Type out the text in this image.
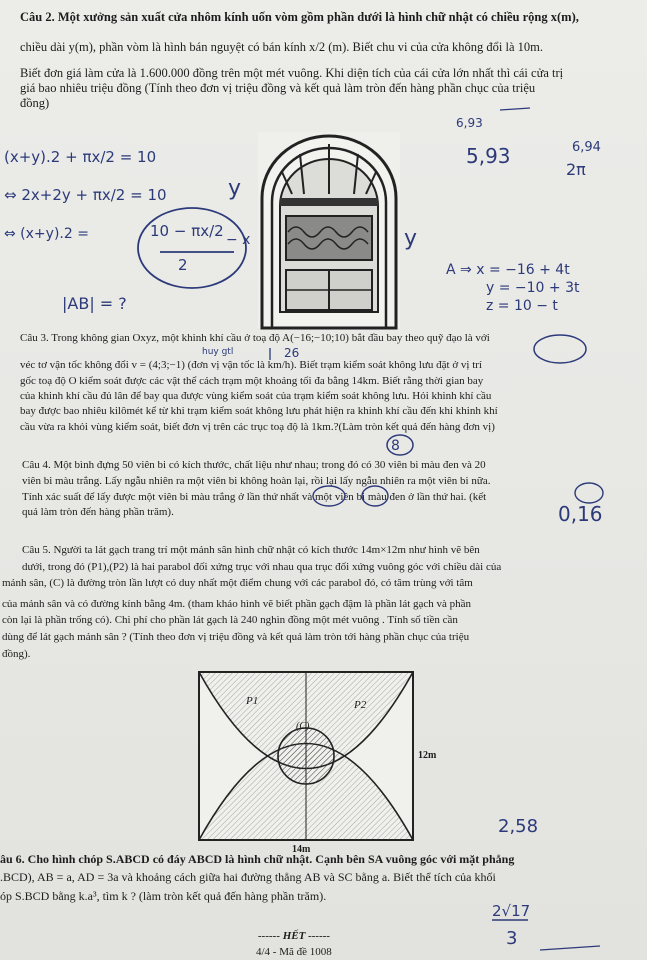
Câu 2. Một xưởng sản xuất cửa nhôm kính uốn vòm gồm phần dưới là hình chữ nhật có chiều rộng x(m),
chiều dài y(m), phần vòm là hình bán nguyệt có bán kính x/2 (m). Biết chu vi của cửa không đổi là 10m.
Biết đơn giá làm cửa là 1.600.000 đồng trên một mét vuông. Khi diện tích của cái cửa lớn nhất thì cái cửa trị
giá bao nhiêu triệu đồng (Tính theo đơn vị triệu đồng và kết quả làm tròn đến hàng phần chục của triệu
đồng)
Câu 3. Trong không gian Oxyz, một khinh khí cầu ở toạ độ A(−16;−10;10) bắt đầu bay theo quỹ đạo là với
véc tơ vận tốc không đổi v = (4;3;−1) (đơn vị vận tốc là km/h). Biết trạm kiểm soát không lưu đặt ở vị trí
gốc toạ độ O kiểm soát được các vật thể cách trạm một khoảng tối đa bằng 14km. Biết rằng thời gian bay
của khinh khí cầu đủ lân để bay qua được vùng kiểm soát của trạm kiểm soát không lưu. Hỏi khinh khí cầu
bay được bao nhiêu kilômét kể từ khi trạm kiểm soát không lưu phát hiện ra khinh khí cầu đến khi khinh khí
cầu vừa ra khỏi vùng kiểm soát, biết đơn vị trên các trục toạ độ là 1km.?(Làm tròn kết quả đến hàng đơn vị)
Câu 4. Một bình đựng 50 viên bi có kích thước, chất liệu như nhau; trong đó có 30 viên bi màu đen và 20
viên bi màu trắng. Lấy ngẫu nhiên ra một viên bi không hoàn lại, rồi lại lấy ngẫu nhiên ra một viên bi nữa.
Tính xác suất để lấy được một viên bi màu trắng ở lần thứ nhất và một viên bi màu đen ở lần thứ hai. (kết
quả làm tròn đến hàng phần trăm).
Câu 5. Người ta lát gạch trang trí một mảnh sân hình chữ nhật có kích thước 14m×12m như hình vẽ bên
dưới, trong đó (P1),(P2) là hai parabol đối xứng trục với nhau qua trục đối xứng vuông góc với chiều dài của
mảnh sân, (C) là đường tròn lần lượt có duy nhất một điểm chung với các parabol đó, có tâm trùng với tâm
của mảnh sân và có đường kính bằng 4m. (tham khảo hình vẽ biết phần gạch đậm là phần lát gạch và phần
còn lại là phần trống có). Chi phí cho phần lát gạch là 240 nghìn đồng một mét vuông . Tính số tiền cần
dùng để lát gạch mảnh sân ? (Tính theo đơn vị triệu đồng và kết quả làm tròn tới hàng phần chục của triệu
đồng).
P1	P2
(C)
12m
14m
âu 6. Cho hình chóp S.ABCD có đáy ABCD là hình chữ nhật. Cạnh bên SA vuông góc với mặt phẳng
.BCD), AB = a, AD = 3a và khoảng cách giữa hai đường thẳng AB và SC bằng a. Biết thể tích của khối
óp S.BCD bằng k.a³, tìm k ? (làm tròn kết quả đến hàng phần trăm).
------ HẾT ------
4/4 - Mã đề 1008
(x+y).2 + πx/2 = 10
⇔ 2x+2y + πx/2 = 10
⇔ (x+y).2 =	10 − πx/2
2
− x
y
y
|AB| = ?
6,93
5,93	6,94
2π
A ⇒ x = −16 + 4t
y = −10 + 3t
z = 10 − t
26
huy gtl
8
0,16
2,58
2√17
3
